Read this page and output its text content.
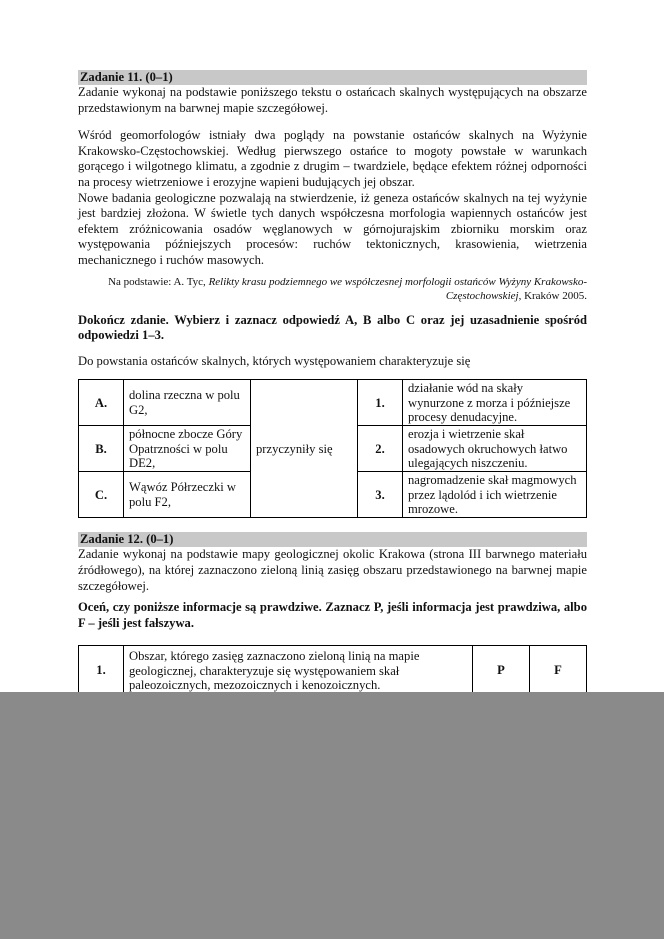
Zadanie 11. (0–1)

Zadanie wykonaj na podstawie poniższego tekstu o ostańcach skalnych występujących na obszarze przedstawionym na barwnej mapie szczegółowej.

Wśród geomorfologów istniały dwa poglądy na powstanie ostańców skalnych na Wyżynie Krakowsko-Częstochowskiej. Według pierwszego ostańce to mogoty powstałe w warunkach gorącego i wilgotnego klimatu, a zgodnie z drugim – twardziele, będące efektem różnej odporności na procesy wietrzeniowe i erozyjne wapieni budujących jej obszar.

Nowe badania geologiczne pozwalają na stwierdzenie, iż geneza ostańców skalnych na tej wyżynie jest bardziej złożona. W świetle tych danych współczesna morfologia wapiennych ostańców jest efektem zróżnicowania osadów węglanowych w górnojurajskim zbiorniku morskim oraz występowania późniejszych procesów: ruchów tektonicznych, krasowienia, wietrzenia mechanicznego i ruchów masowych.

Na podstawie: A. Tyc, Relikty krasu podziemnego we współczesnej morfologii ostańców Wyżyny Krakowsko-Częstochowskiej, Kraków 2005.

Dokończ zdanie. Wybierz i zaznacz odpowiedź A, B albo C oraz jej uzasadnienie spośród odpowiedzi 1–3.

Do powstania ostańców skalnych, których występowaniem charakteryzuje się

A.	dolina rzeczna w polu G2,	przyczyniły się	1.	działanie wód na skały wynurzone z morza i późniejsze procesy denudacyjne.
B.	północne zbocze Góry Opatrzności w polu DE2,		2.	erozja i wietrzenie skał osadowych okruchowych łatwo ulegających niszczeniu.
C.	Wąwóz Półrzeczki w polu F2,		3.	nagromadzenie skał magmowych przez lądolód i ich wietrzenie mrozowe.
Zadanie 12. (0–1)

Zadanie wykonaj na podstawie mapy geologicznej okolic Krakowa (strona III barwnego materiału źródłowego), na której zaznaczono zieloną linią zasięg obszaru przedstawionego na barwnej mapie szczegółowej.

Oceń, czy poniższe informacje są prawdziwe. Zaznacz P, jeśli informacja jest prawdziwa, albo F – jeśli jest fałszywa.

1.	Obszar, którego zasięg zaznaczono zieloną linią na mapie geologicznej, charakteryzuje się występowaniem skał paleozoicznych, mezozoicznych i kenozoicznych.	P	F
